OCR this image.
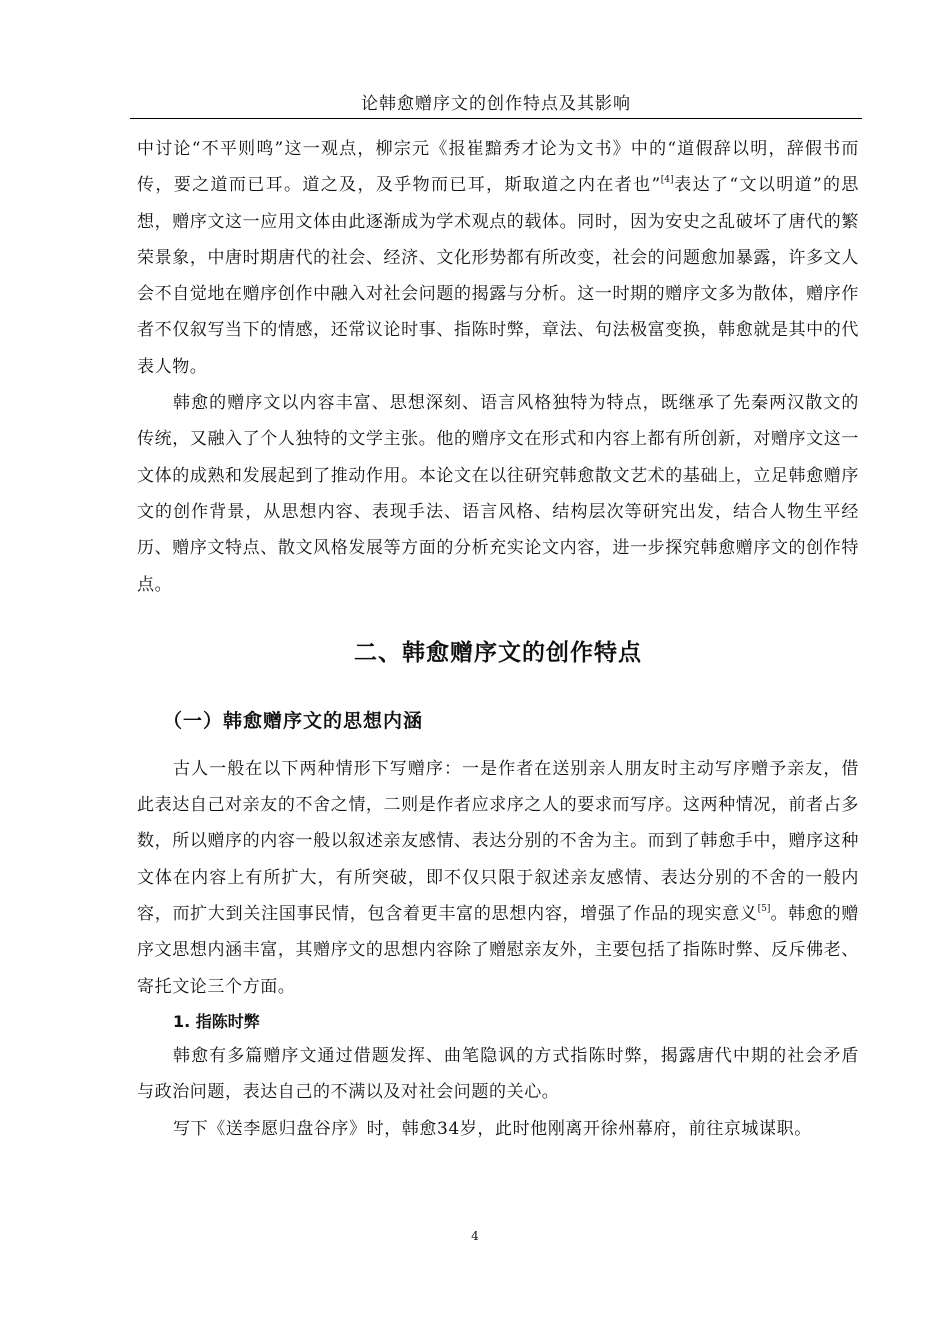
论韩愈赠序文的创作特点及其影响

中讨论“不平则鸣”这一观点，柳宗元《报崔黯秀才论为文书》中的“道假辞以明，辞假书而传，要之道而已耳。道之及，及乎物而已耳，斯取道之内在者也”[4]表达了“文以明道”的思想，赠序文这一应用文体由此逐渐成为学术观点的载体。同时，因为安史之乱破坏了唐代的繁荣景象，中唐时期唐代的社会、经济、文化形势都有所改变，社会的问题愈加暴露，许多文人会不自觉地在赠序创作中融入对社会问题的揭露与分析。这一时期的赠序文多为散体，赠序作者不仅叙写当下的情感，还常议论时事、指陈时弊，章法、句法极富变换，韩愈就是其中的代表人物。

韩愈的赠序文以内容丰富、思想深刻、语言风格独特为特点，既继承了先秦两汉散文的传统，又融入了个人独特的文学主张。他的赠序文在形式和内容上都有所创新，对赠序文这一文体的成熟和发展起到了推动作用。本论文在以往研究韩愈散文艺术的基础上，立足韩愈赠序文的创作背景，从思想内容、表现手法、语言风格、结构层次等研究出发，结合人物生平经历、赠序文特点、散文风格发展等方面的分析充实论文内容，进一步探究韩愈赠序文的创作特点。

二、韩愈赠序文的创作特点
（一）韩愈赠序文的思想内涵

古人一般在以下两种情形下写赠序：一是作者在送别亲人朋友时主动写序赠予亲友，借此表达自己对亲友的不舍之情，二则是作者应求序之人的要求而写序。这两种情况，前者占多数，所以赠序的内容一般以叙述亲友感情、表达分别的不舍为主。而到了韩愈手中，赠序这种文体在内容上有所扩大，有所突破，即不仅只限于叙述亲友感情、表达分别的不舍的一般内容，而扩大到关注国事民情，包含着更丰富的思想内容，增强了作品的现实意义[5]。韩愈的赠序文思想内涵丰富，其赠序文的思想内容除了赠慰亲友外，主要包括了指陈时弊、反斥佛老、寄托文论三个方面。

1. 指陈时弊

韩愈有多篇赠序文通过借题发挥、曲笔隐讽的方式指陈时弊，揭露唐代中期的社会矛盾与政治问题，表达自己的不满以及对社会问题的关心。

写下《送李愿归盘谷序》时，韩愈34岁，此时他刚离开徐州幕府，前往京城谋职。

4
